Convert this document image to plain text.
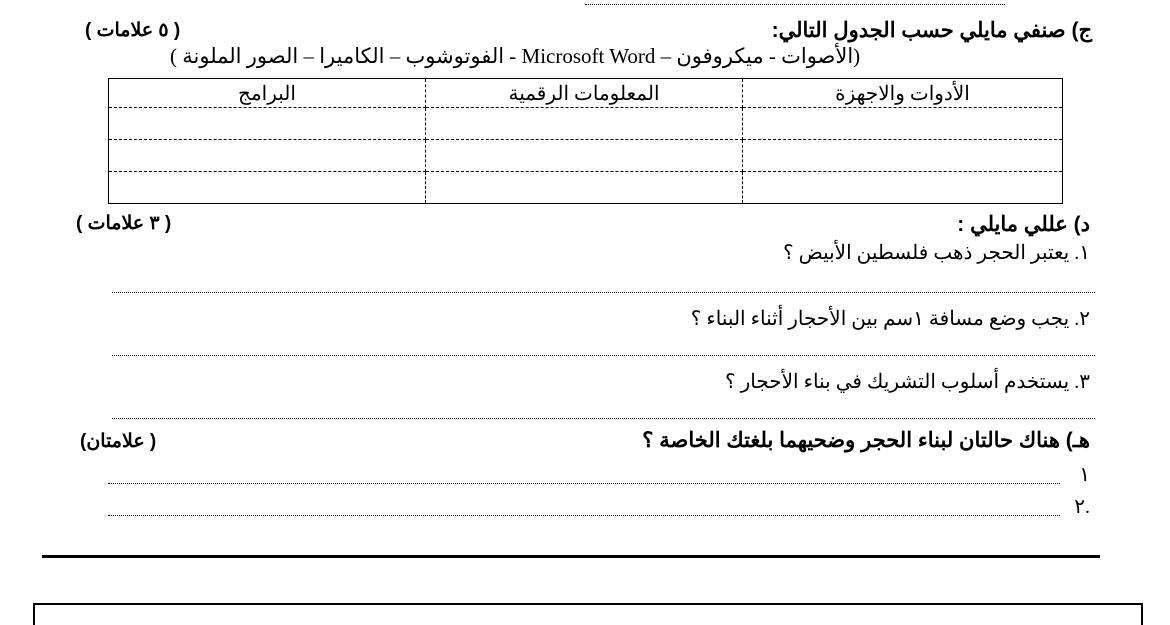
ج) صنفي مايلي حسب الجدول التالي:
( ٥ علامات )
(الأصوات - ميكروفون – Microsoft Word - الفوتوشوب – الكاميرا – الصور الملونة )
البرامج	المعلومات الرقمية	الأدوات والاجهزة

د) عللي مايلي :
( ٣ علامات )
١. يعتبر الحجر ذهب فلسطين الأبيض ؟
٢. يجب وضع مسافة ١سم بين الأحجار أثناء البناء ؟
٣. يستخدم أسلوب التشريك في بناء الأحجار ؟
هـ) هناك حالتان لبناء الحجر وضحيهما بلغتك الخاصة ؟
( علامتان)
١
٢.
